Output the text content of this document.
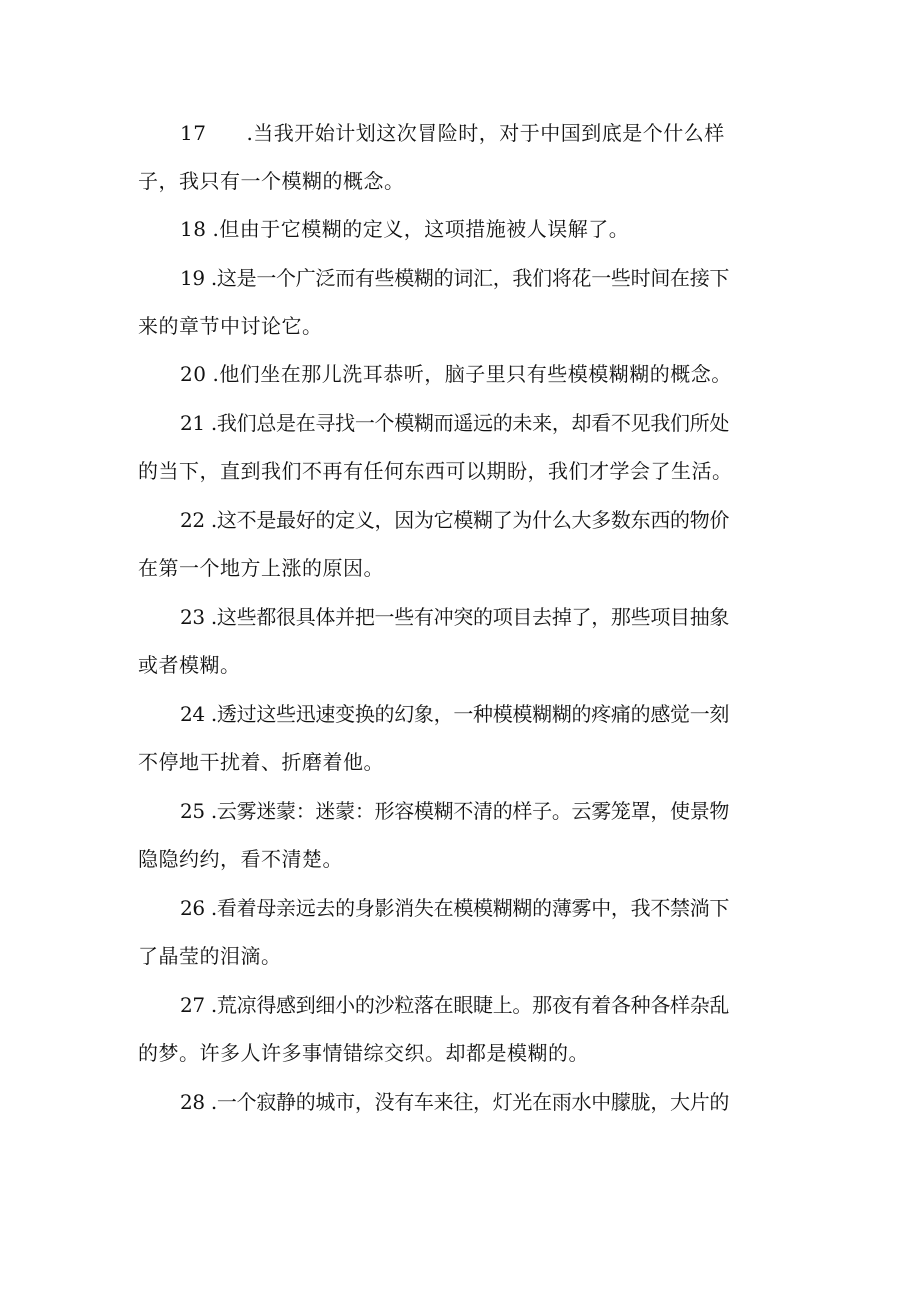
17 .当我开始计划这次冒险时，对于中国到底是个什么样
子，我只有一个模糊的概念。
18 .但由于它模糊的定义，这项措施被人误解了。
19 .这是一个广泛而有些模糊的词汇，我们将花一些时间在接下
来的章节中讨论它。
20 .他们坐在那儿洗耳恭听，脑子里只有些模模糊糊的概念。
21 .我们总是在寻找一个模糊而遥远的未来，却看不见我们所处
的当下，直到我们不再有任何东西可以期盼，我们才学会了生活。
22 .这不是最好的定义，因为它模糊了为什么大多数东西的物价
在第一个地方上涨的原因。
23 .这些都很具体并把一些有冲突的项目去掉了，那些项目抽象
或者模糊。
24 .透过这些迅速变换的幻象，一种模模糊糊的疼痛的感觉一刻
不停地干扰着、折磨着他。
25 .云雾迷蒙：迷蒙：形容模糊不清的样子。云雾笼罩，使景物
隐隐约约，看不清楚。
26 .看着母亲远去的身影消失在模模糊糊的薄雾中，我不禁淌下
了晶莹的泪滴。
27 .荒凉得感到细小的沙粒落在眼睫上。那夜有着各种各样杂乱
的梦。许多人许多事情错综交织。却都是模糊的。
28 .一个寂静的城市，没有车来往，灯光在雨水中朦胧，大片的
